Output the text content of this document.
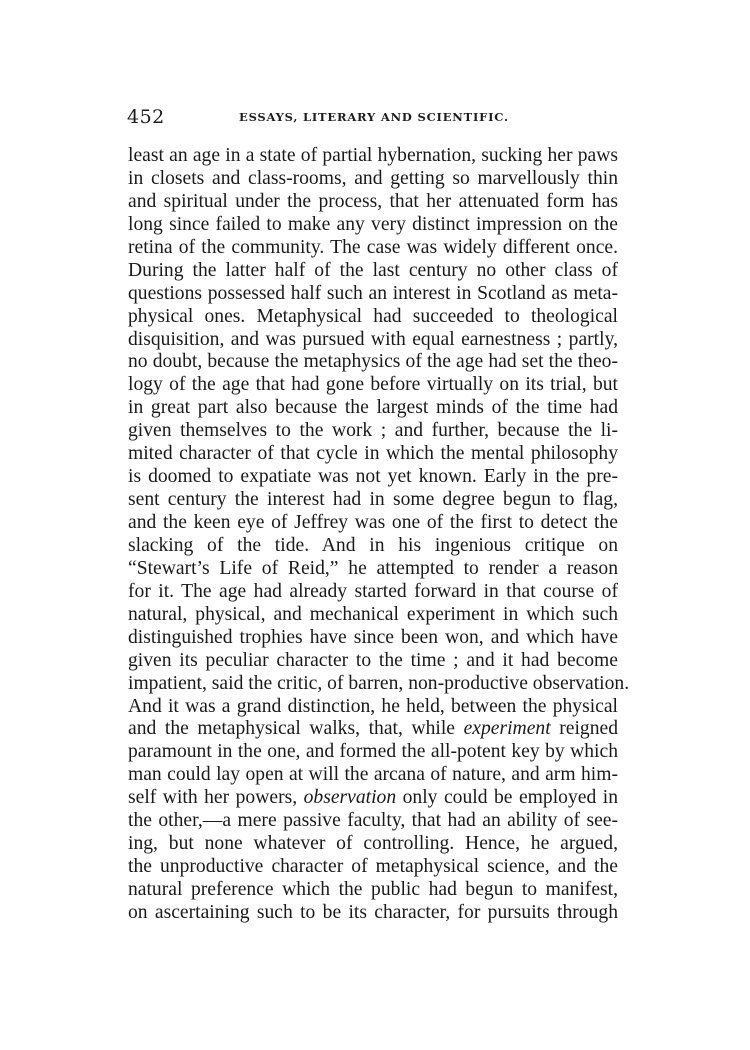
452	ESSAYS, LITERARY AND SCIENTIFIC.
least an age in a state of partial hybernation, sucking her paws
in closets and class-rooms, and getting so marvellously thin
and spiritual under the process, that her attenuated form has
long since failed to make any very distinct impression on the
retina of the community. The case was widely different once.
During the latter half of the last century no other class of
questions possessed half such an interest in Scotland as meta-
physical ones. Metaphysical had succeeded to theological
disquisition, and was pursued with equal earnestness ; partly,
no doubt, because the metaphysics of the age had set the theo-
logy of the age that had gone before virtually on its trial, but
in great part also because the largest minds of the time had
given themselves to the work ; and further, because the li-
mited character of that cycle in which the mental philosophy
is doomed to expatiate was not yet known. Early in the pre-
sent century the interest had in some degree begun to flag,
and the keen eye of Jeffrey was one of the first to detect the
slacking of the tide. And in his ingenious critique on
“Stewart’s Life of Reid,” he attempted to render a reason
for it. The age had already started forward in that course of
natural, physical, and mechanical experiment in which such
distinguished trophies have since been won, and which have
given its peculiar character to the time ; and it had become
impatient, said the critic, of barren, non-productive observation.
And it was a grand distinction, he held, between the physical
and the metaphysical walks, that, while experiment reigned
paramount in the one, and formed the all-potent key by which
man could lay open at will the arcana of nature, and arm him-
self with her powers, observation only could be employed in
the other,—a mere passive faculty, that had an ability of see-
ing, but none whatever of controlling. Hence, he argued,
the unproductive character of metaphysical science, and the
natural preference which the public had begun to manifest,
on ascertaining such to be its character, for pursuits through
